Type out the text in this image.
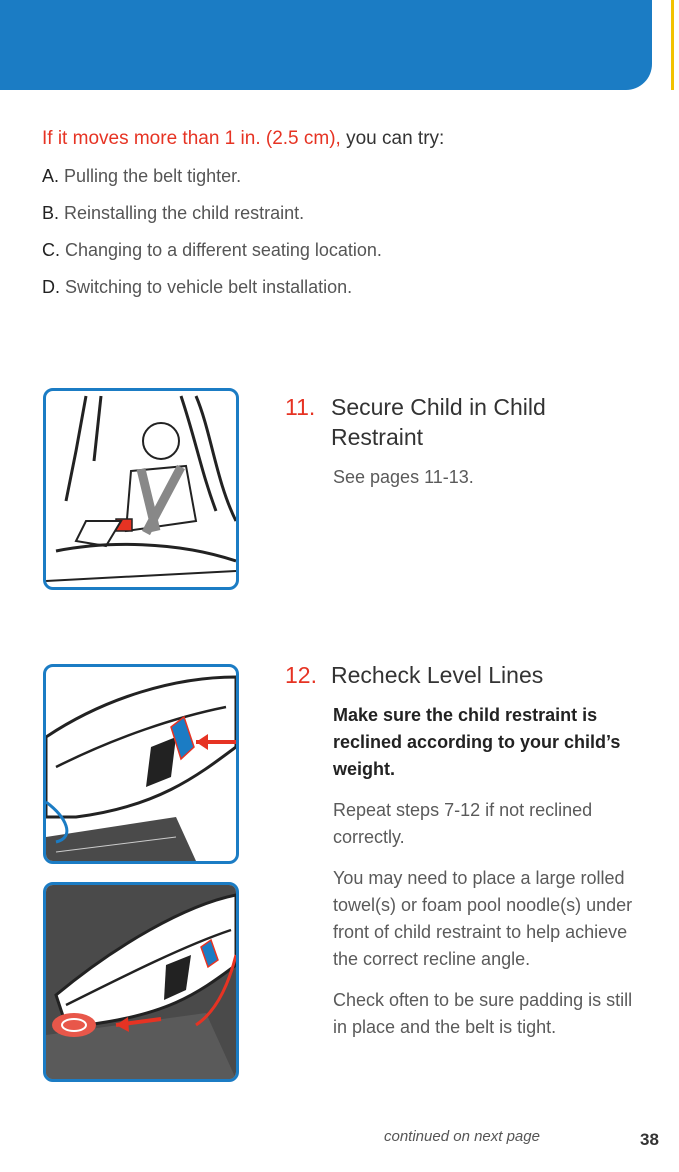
If it moves more than 1 in. (2.5 cm), you can try:
A. Pulling the belt tighter.
B. Reinstalling the child restraint.
C. Changing to a different seating location.
D. Switching to vehicle belt installation.
11. Secure Child in Child
Restraint

See pages 11-13.

12. Recheck Level Lines

Make sure the child restraint is reclined according to your child’s weight.

Repeat steps 7-12 if not reclined correctly.

You may need to place a large rolled towel(s) or foam pool noodle(s) under front of child restraint to help achieve the correct recline angle.

Check often to be sure padding is still in place and the belt is tight.

continued on next page	38
